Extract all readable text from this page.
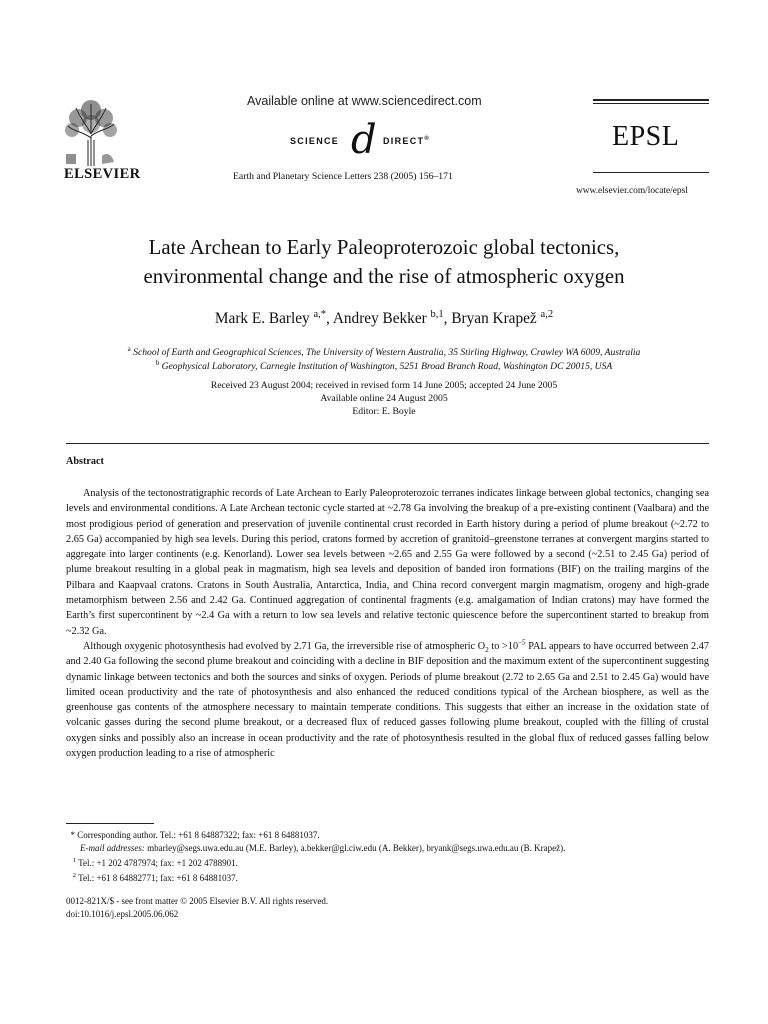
ELSEVIER
Available online at www.sciencedirect.com
SCIENCE d DIRECT®
Earth and Planetary Science Letters 238 (2005) 156–171
EPSL
www.elsevier.com/locate/epsl
Late Archean to Early Paleoproterozoic global tectonics,
environmental change and the rise of atmospheric oxygen
Mark E. Barley $^{a,*}$, Andrey Bekker $^{b,1}$, Bryan Krapež $^{a,2}$
$^a$ School of Earth and Geographical Sciences, The University of Western Australia, 35 Stirling Highway, Crawley WA 6009, Australia
$^b$ Geophysical Laboratory, Carnegie Institution of Washington, 5251 Broad Branch Road, Washington DC 20015, USA
Received 23 August 2004; received in revised form 14 June 2005; accepted 24 June 2005
Available online 24 August 2005
Editor: E. Boyle
Abstract

Analysis of the tectonostratigraphic records of Late Archean to Early Paleoproterozoic terranes indicates linkage between global tectonics, changing sea levels and environmental conditions. A Late Archean tectonic cycle started at ~2.78 Ga involving the breakup of a pre-existing continent (Vaalbara) and the most prodigious period of generation and preservation of juvenile continental crust recorded in Earth history during a period of plume breakout (~2.72 to 2.65 Ga) accompanied by high sea levels. During this period, cratons formed by accretion of granitoid–greenstone terranes at convergent margins started to aggregate into larger continents (e.g. Kenorland). Lower sea levels between ~2.65 and 2.55 Ga were followed by a second (~2.51 to 2.45 Ga) period of plume breakout resulting in a global peak in magmatism, high sea levels and deposition of banded iron formations (BIF) on the trailing margins of the Pilbara and Kaapvaal cratons. Cratons in South Australia, Antarctica, India, and China record convergent margin magmatism, orogeny and high-grade metamorphism between 2.56 and 2.42 Ga. Continued aggregation of continental fragments (e.g. amalgamation of Indian cratons) may have formed the Earth’s first supercontinent by ~2.4 Ga with a return to low sea levels and relative tectonic quiescence before the supercontinent started to breakup from ~2.32 Ga.

Although oxygenic photosynthesis had evolved by 2.71 Ga, the irreversible rise of atmospheric $O_2$ to $>10^{-5}$ PAL appears to have occurred between 2.47 and 2.40 Ga following the second plume breakout and coinciding with a decline in BIF deposition and the maximum extent of the supercontinent suggesting dynamic linkage between tectonics and both the sources and sinks of oxygen. Periods of plume breakout (2.72 to 2.65 Ga and 2.51 to 2.45 Ga) would have limited ocean productivity and the rate of photosynthesis and also enhanced the reduced conditions typical of the Archean biosphere, as well as the greenhouse gas contents of the atmosphere necessary to maintain temperate conditions. This suggests that either an increase in the oxidation state of volcanic gasses during the second plume breakout, or a decreased flux of reduced gasses following plume breakout, coupled with the filling of crustal oxygen sinks and possibly also an increase in ocean productivity and the rate of photosynthesis resulted in the global flux of reduced gasses falling below oxygen production leading to a rise of atmospheric

* Corresponding author. Tel.: +61 8 64887322; fax: +61 8 64881037.
E-mail addresses: mbarley@segs.uwa.edu.au (M.E. Barley), a.bekker@gl.ciw.edu (A. Bekker), bryank@segs.uwa.edu.au (B. Krapež).
$^1$ Tel.: +1 202 4787974; fax: +1 202 4788901.
$^2$ Tel.: +61 8 64882771; fax: +61 8 64881037.
0012-821X/$ - see front matter © 2005 Elsevier B.V. All rights reserved.
doi:10.1016/j.epsl.2005.06.062
